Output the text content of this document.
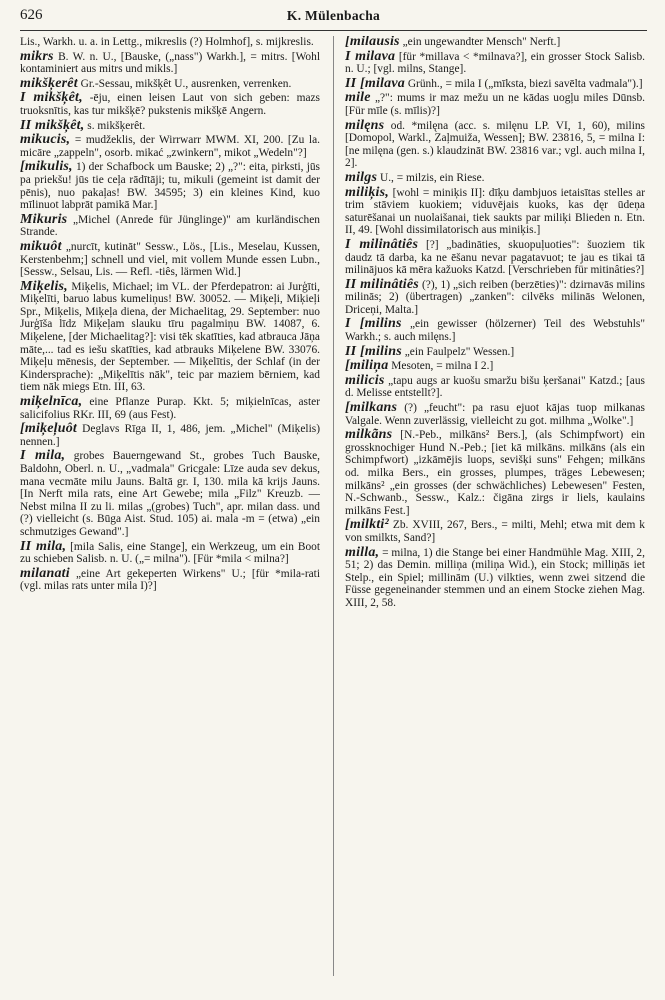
626	K. Mülenbacha
Lis., Warkh. u. a. in Lettg., mikreslis (?) Holmhof], s. mijkreslis.
mikrs B. W. n. U., [Bauske, („nass") Warkh.], = mitrs. [Wohl kontaminiert aus mitrs und mikls.]
mikšķerêt Gr.-Sessau, mikšķêt U., ausrenken, verrenken.
I mikšķêt, -ēju, einen leisen Laut von sich geben: mazs truoksnītis, kas tur mikšķē? pukstenis mikšķē Angern.
II mikšķêt, s. mikšķerêt.
mikucis, = mudžeklis, der Wirrwarr MWM. XI, 200. [Zu la. micāre „zappeln", osorb. mikać „zwinkern", mikot „Wedeln"?]
[mikulis, 1) der Schafbock um Bauske; 2) „?": eita, pirksti, jūs pa priekšu! jūs tie ceļa rādītāji; tu, mikuli (gemeint ist damit der pēnis), nuo pakaļas! BW. 34595; 3) ein kleines Kind, kuo mīlinuot labprāt pamikā Mar.]
Mikuris „Michel (Anrede für Jünglinge)" am kurländischen Strande.
mikuôt „nurcīt, kutināt" Sessw., Lös., [Lis., Meselau, Kussen, Kerstenbehm;] schnell und viel, mit vollem Munde essen Lubn., [Sessw., Selsau, Lis. — Refl. -tiês, lärmen Wid.]
Miķelis, Miķelis, Michael; im VL. der Pferdepatron: ai Jurģīti, Miķelīti, baruo labus kumeliņus! BW. 30052. — Miķeļi, Miķieļi Spr., Miķelis, Miķeļa diena, der Michaelitag, 29. September: nuo Jurģīša līdz Miķeļam slauku tīru pagalmiņu BW. 14087, 6. Miķelene, [der Michaelitag?]: visi tēk skatīties, kad atbrauca Jāņa māte,... tad es iešu skatīties, kad atbrauks Miķelene BW. 33076. Miķeļu mēnesis, der September. — Miķelītis, der Schlaf (in der Kindersprache): „Miķelītis nāk", teic par maziem bērniem, kad tiem nāk miegs Etn. III, 63.
miķelnīca, eine Pflanze Purap. Kkt. 5; miķielnīcas, aster salicifolius RKr. III, 69 (aus Fest).
[miķeļuôt Deglavs Rīga II, 1, 486, jem. „Michel" (Miķelis) nennen.]
I mila, grobes Bauerngewand St., grobes Tuch Bauske, Baldohn, Oberl. n. U., „vadmala" Gricgale: Līze auda sev dekus, mana vecmāte milu Jauns. Baltā gr. I, 130. mila kā krijs Jauns. [In Nerft mila rats, eine Art Gewebe; mila „Filz" Kreuzb. — Nebst milna II zu li. milas „(grobes) Tuch", apr. milan dass. und (?) vielleicht (s. Būga Aist. Stud. 105) ai. mala -m = (etwa) „ein schmutziges Gewand".]
II mila, [mila Salis, eine Stange], ein Werkzeug, um ein Boot zu schieben Salisb. n. U. („= milna"). [Für *mila < milna?]
milanati „eine Art gekeperten Wirkens" U.; [für *mila-rati (vgl. milas rats unter mila I)?]
[milausis „ein ungewandter Mensch" Nerft.]
I milava [für *millava < *milnava?], ein grosser Stock Salisb. n. U.; [vgl. milns, Stange].
II [milava Grünh., = mila I („mīksta, biezi savēlta vadmala").]
mile „?": mums ir maz mežu un ne kādas uogļu miles Dūnsb. [Für mīle (s. mīlis)?]
milęns od. *milęna (acc. s. milęnu LP. VI, 1, 60), milins [Domopol, Warkl., Zaļmuiža, Wessen]; BW. 23816, 5, = milna I: [ne milęna (gen. s.) klaudzināt BW. 23816 var.; vgl. auch milna I, 2].
milgs U., = milzis, ein Riese.
miliķis, [wohl = miniķis II]: dīķu dambjuos ietaisītas stelles ar trim stāviem kuokiem; viduvējais kuoks, kas dęr ūdeņa saturēšanai un nuolaišanai, tiek saukts par miliķi Blieden n. Etn. II, 49. [Wohl dissimilatorisch aus miniķis.]
I milinâtiês [?] „badināties, skuopuļuoties": šuoziem tik daudz tā darba, ka ne ēšanu nevar pagatavuot; te jau es tikai tā milinājuos kā mēra kažuoks Katzd. [Verschrieben für mitinâties?]
II milinâtiês (?), 1) „sich reiben (berzēties)": dzirnavās milins milinās; 2) (übertragen) „zanken": cilvēks milinās Welonen, Driceņi, Malta.]
I [milins „ein gewisser (hölzerner) Teil des Webstuhls" Warkh.; s. auch milęns.]
II [milins „ein Faulpelz" Wessen.]
[miliņa Mesoten, = milna I 2.]
milicis „tapu augs ar kuošu smaržu bišu ķeršanai" Katzd.; [aus d. Melisse entstellt?].
[milkans (?) „feucht": pa rasu ejuot kājas tuop milkanas Valgale. Wenn zuverlässig, vielleicht zu got. milhma „Wolke".]
milkãns [N.-Peb., milkāns² Bers.], (als Schimpfwort) ein grossknochiger Hund N.-Peb.; [iet kā milkāns. milkāns (als ein Schimpfwort) „izkāmējis luops, sevišķi suns" Fehgen; milkāns od. milka Bers., ein grosses, plumpes, träges Lebewesen; milkāns² „ein grosses (der schwächliches) Lebewesen" Festen, N.-Schwanb., Sessw., Kalz.: čigāna zirgs ir liels, kaulains milkāns Fest.]
[milkti² Zb. XVIII, 267, Bers., = milti, Mehl; etwa mit dem k von smilkts, Sand?]
milla, = milna, 1) die Stange bei einer Handmühle Mag. XIII, 2, 51; 2) das Demin. milliņa (miliņa Wid.), ein Stock; milliņās iet Stelp., ein Spiel; millinām (U.) vilkties, wenn zwei sitzend die Füsse gegeneinander stemmen und an einem Stocke ziehen Mag. XIII, 2, 58.
